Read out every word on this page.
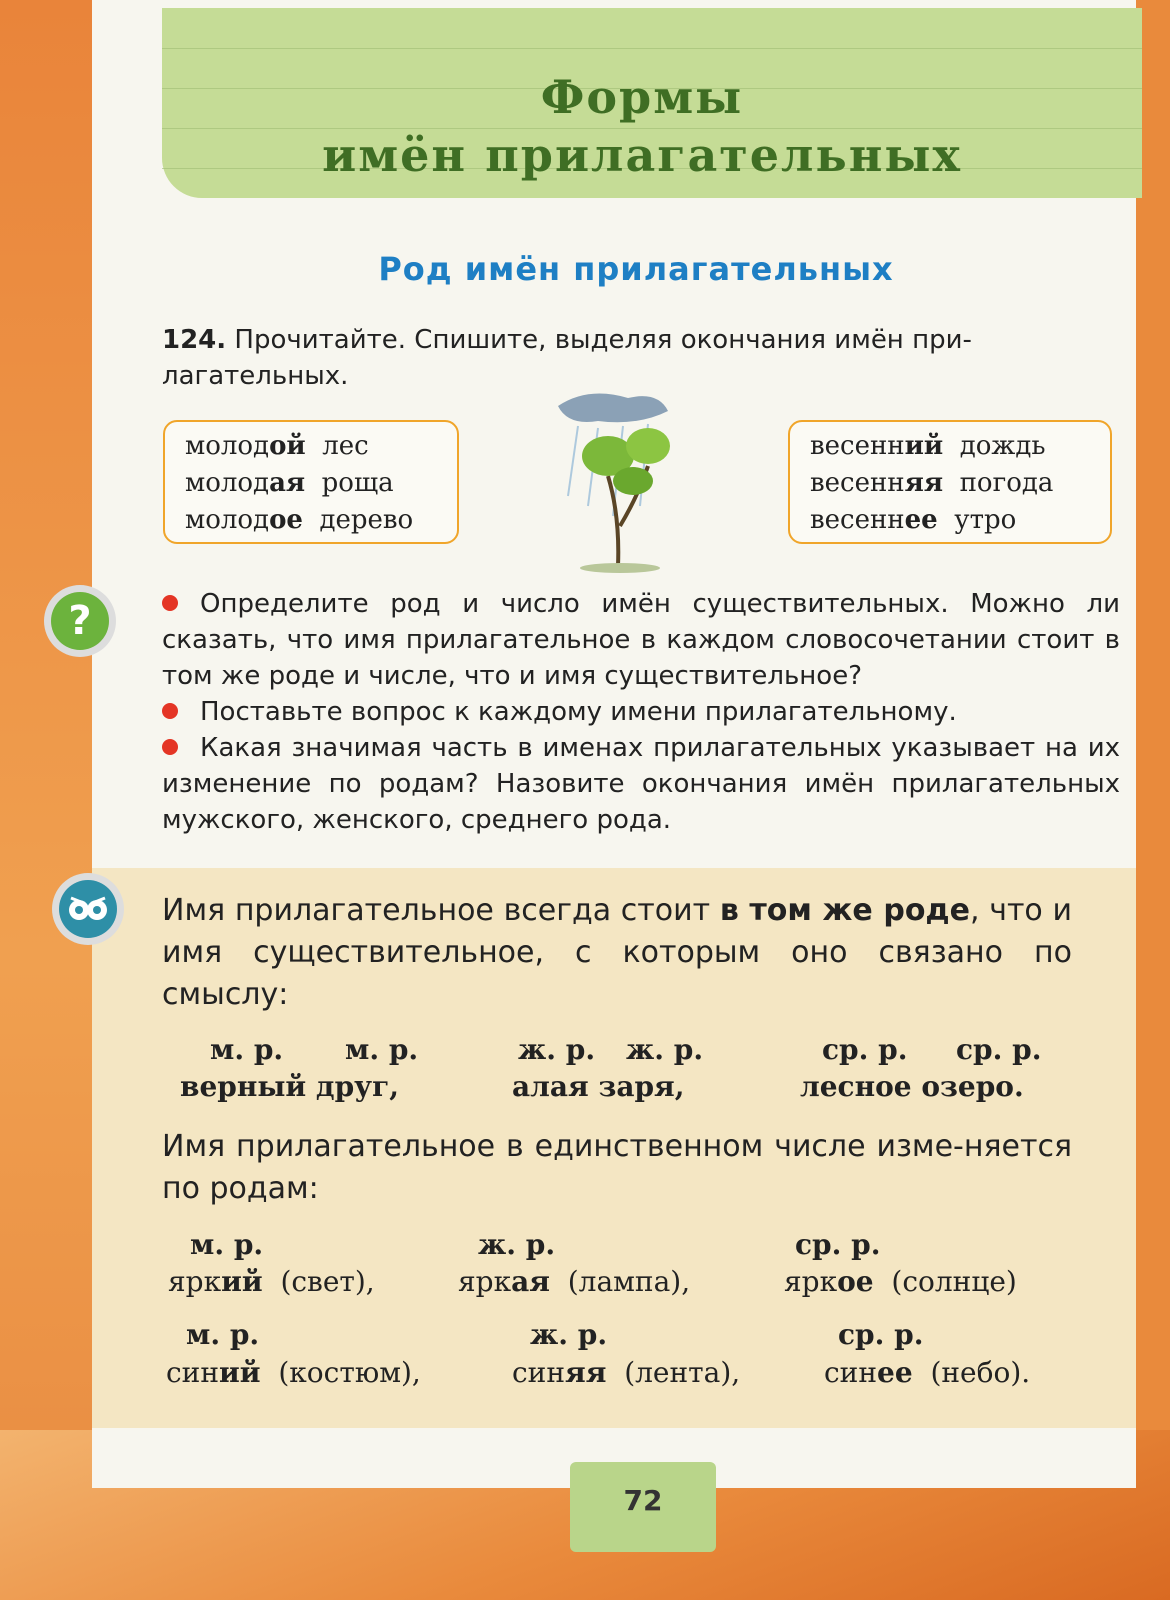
Формы
имён прилагательных
Род имён прилагательных
124. Прочитайте. Спишите, выделяя окончания имён при-лагательных.
молодой лес
молодая роща
молодое дерево
весенний дождь
весенняя погода
весеннее утро
?	Определите род и число имён существительных. Можно ли сказать, что имя прилагательное в каждом словосочетании стоит в том же роде и числе, что и имя существительное?
Поставьте вопрос к каждому имени прилагательному.
Какая значимая часть в именах прилагательных указывает на их изменение по родам? Назовите окончания имён прилагательных мужского, женского, среднего рода.
Имя прилагательное всегда стоит в том же роде, что и имя существительное, с которым оно связано по смыслу:
м. р. м. р.	ж. р. ж. р.	ср. р. ср. р.
верный друг,	алая заря,	лесное озеро.
Имя прилагательное в единственном числе изме-няется по родам:
м. р.	ж. р.	ср. р.
яркий (свет),	яркая (лампа),	яркое (солнце)
м. р.	ж. р.	ср. р.
синий (костюм),	синяя (лента),	синее (небо).
72
